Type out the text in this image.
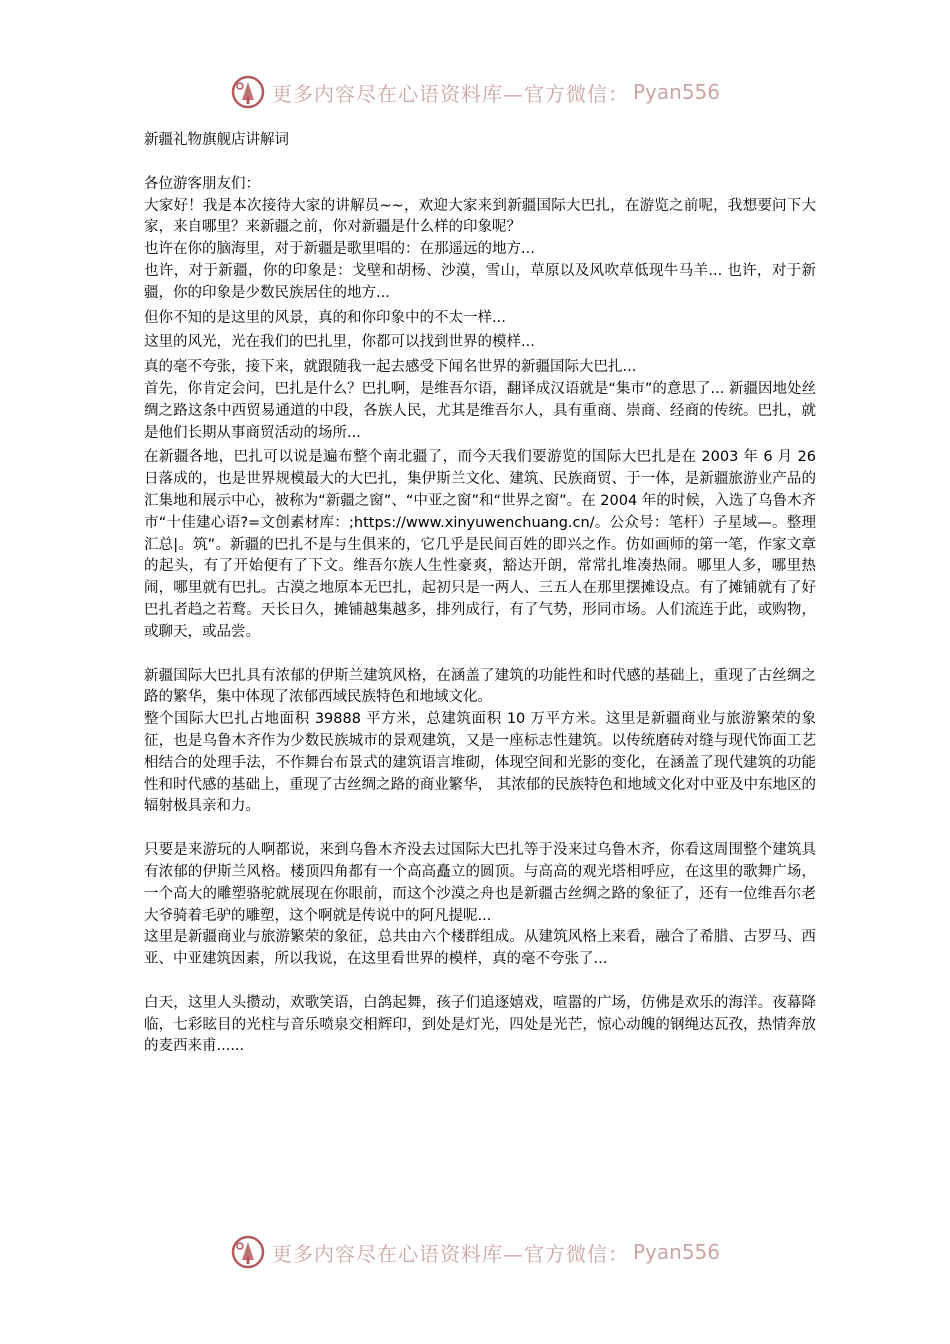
更多内容尽在心语资料库—官方微信： Pyan556

新疆礼物旗舰店讲解词

各位游客朋友们：

大家好！我是本次接待大家的讲解员~~，欢迎大家来到新疆国际大巴扎，在游览之前呢，我想要问下大家，来自哪里？来新疆之前，你对新疆是什么样的印象呢？

也许在你的脑海里，对于新疆是歌里唱的：在那遥远的地方...

也许，对于新疆，你的印象是：戈壁和胡杨、沙漠，雪山，草原以及风吹草低现牛马羊... 也许，对于新疆，你的印象是少数民族居住的地方...

但你不知的是这里的风景，真的和你印象中的不太一样...

这里的风光，光在我们的巴扎里，你都可以找到世界的模样...

真的毫不夸张，接下来，就跟随我一起去感受下闻名世界的新疆国际大巴扎...

首先，你肯定会问，巴扎是什么？巴扎啊，是维吾尔语，翻译成汉语就是“集市”的意思了... 新疆因地处丝绸之路这条中西贸易通道的中段，各族人民，尤其是维吾尔人，具有重商、崇商、经商的传统。巴扎，就是他们长期从事商贸活动的场所...

在新疆各地，巴扎可以说是遍布整个南北疆了，而今天我们要游览的国际大巴扎是在 2003 年 6 月 26 日落成的，也是世界规模最大的大巴扎，集伊斯兰文化、建筑、民族商贸、于一体，是新疆旅游业产品的汇集地和展示中心，被称为“新疆之窗”、“中亚之窗”和“世界之窗”。在 2004 年的时候，入选了乌鲁木齐市“十佳建心语?=文创素材库：;https://www.xinyuwenchuang.cn/。公众号：笔杆）子星域—。整理汇总|。筑”。新疆的巴扎不是与生俱来的，它几乎是民间百姓的即兴之作。仿如画师的第一笔，作家文章的起头，有了开始便有了下文。维吾尔族人生性豪爽，豁达开朗，常常扎堆凑热闹。哪里人多，哪里热闹，哪里就有巴扎。古漠之地原本无巴扎，起初只是一两人、三五人在那里摆摊设点。有了摊铺就有了好巴扎者趋之若鹜。天长日久，摊铺越集越多，排列成行，有了气势，形同市场。人们流连于此，或购物， 或聊天，或品尝。

新疆国际大巴扎具有浓郁的伊斯兰建筑风格，在涵盖了建筑的功能性和时代感的基础上，重现了古丝绸之路的繁华，集中体现了浓郁西域民族特色和地域文化。

整个国际大巴扎占地面积 39888 平方米，总建筑面积 10 万平方米。这里是新疆商业与旅游繁荣的象征，也是乌鲁木齐作为少数民族城市的景观建筑，又是一座标志性建筑。以传统磨砖对缝与现代饰面工艺相结合的处理手法，不作舞台布景式的建筑语言堆砌，体现空间和光影的变化，在涵盖了现代建筑的功能性和时代感的基础上，重现了古丝绸之路的商业繁华， 其浓郁的民族特色和地域文化对中亚及中东地区的辐射极具亲和力。

只要是来游玩的人啊都说，来到乌鲁木齐没去过国际大巴扎等于没来过乌鲁木齐，你看这周围整个建筑具有浓郁的伊斯兰风格。楼顶四角都有一个高高矗立的圆顶。与高高的观光塔相呼应，在这里的歌舞广场，一个高大的雕塑骆驼就展现在你眼前，而这个沙漠之舟也是新疆古丝绸之路的象征了，还有一位维吾尔老大爷骑着毛驴的雕塑，这个啊就是传说中的阿凡提呢...

这里是新疆商业与旅游繁荣的象征，总共由六个楼群组成。从建筑风格上来看，融合了希腊、古罗马、西亚、中亚建筑因素，所以我说，在这里看世界的模样，真的毫不夸张了...

白天，这里人头攒动，欢歌笑语，白鸽起舞，孩子们追逐嬉戏，喧嚣的广场，仿佛是欢乐的海洋。夜幕降临，七彩眩目的光柱与音乐喷泉交相辉印，到处是灯光，四处是光芒，惊心动魄的钢绳达瓦孜，热情奔放的麦西来甫......

更多内容尽在心语资料库—官方微信： Pyan556
